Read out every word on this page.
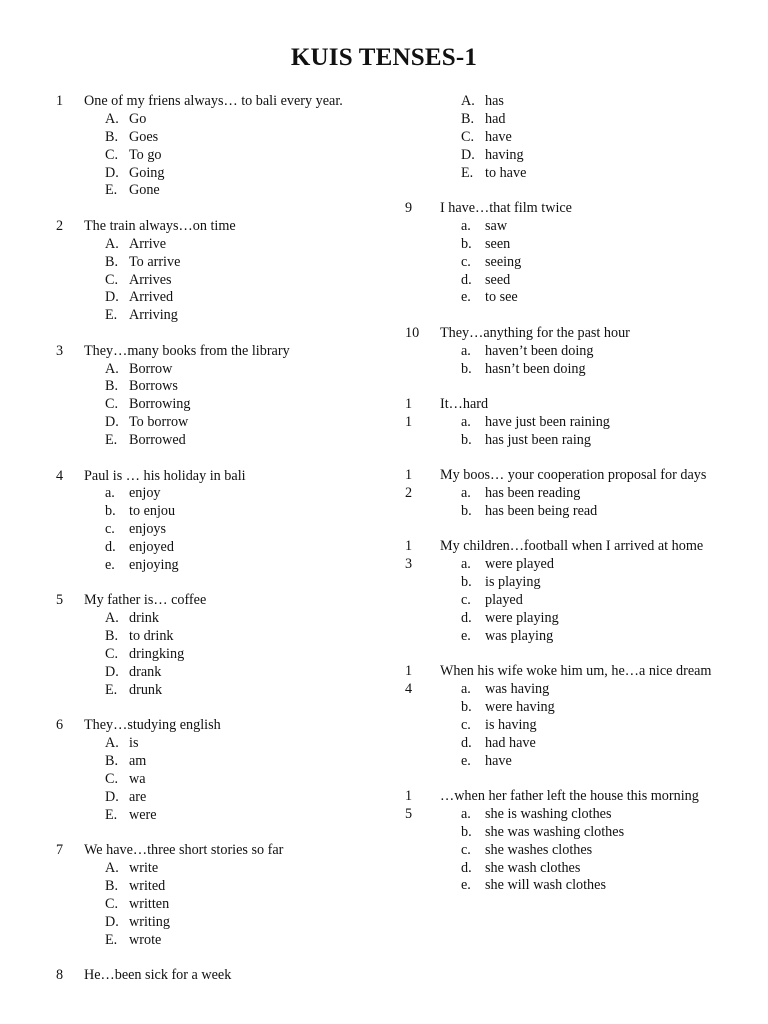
KUIS TENSES-1
1	One of my friens always… to bali every year.
A. Go
B. Goes
C. To go
D. Going
E. Gone
2	The train always…on time
A. Arrive
B. To arrive
C. Arrives
D. Arrived
E. Arriving
3	They…many books from the library
A. Borrow
B. Borrows
C. Borrowing
D. To borrow
E. Borrowed
4	Paul is … his holiday in bali
a. enjoy
b. to enjou
c. enjoys
d. enjoyed
e. enjoying
5	My father is… coffee
A. drink
B. to drink
C. dringking
D. drank
E. drunk
6	They…studying english
A. is
B. am
C. wa
D. are
E. were
7	We have…three short stories so far
A. write
B. writed
C. written
D. writing
E. wrote
8	He…been sick for a week
A. has
B. had
C. have
D. having
E. to have
9	I have…that film twice
a. saw
b. seen
c. seeing
d. seed
e. to see
10	They…anything for the past hour
a. haven’t been doing
b. hasn’t been doing
1	It…hard
1	a. have just been raining
b. has just been raing
1	My boos… your cooperation proposal for days
2	a. has been reading
b. has been being read
1	My children…football when I arrived at home
3	a. were played
b. is playing
c. played
d. were playing
e. was playing
1	When his wife woke him um, he…a nice dream
4	a. was having
b. were having
c. is having
d. had have
e. have
1	…when her father left the house this morning
5	a. she is washing clothes
b. she was washing clothes
c. she washes clothes
d. she wash clothes
e. she will wash clothes
